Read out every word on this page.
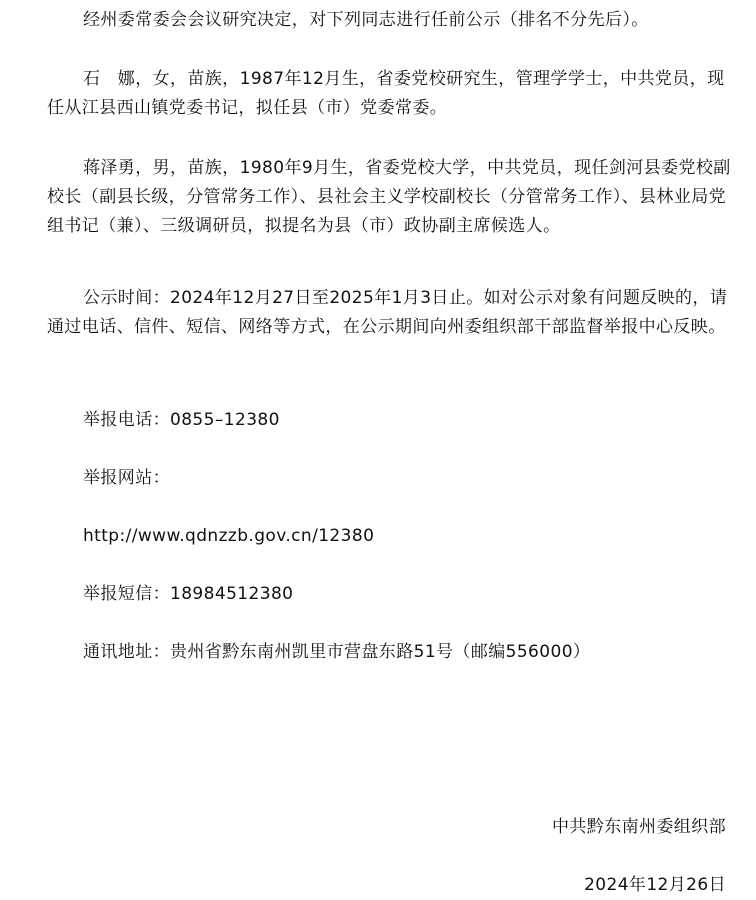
经州委常委会会议研究决定，对下列同志进行任前公示（排名不分先后）。

石　娜，女，苗族，1987年12月生，省委党校研究生，管理学学士，中共党员，现任从江县西山镇党委书记，拟任县（市）党委常委。

蒋泽勇，男，苗族，1980年9月生，省委党校大学，中共党员，现任剑河县委党校副校长（副县长级，分管常务工作）、县社会主义学校副校长（分管常务工作）、县林业局党组书记（兼）、三级调研员，拟提名为县（市）政协副主席候选人。

公示时间：2024年12月27日至2025年1月3日止。如对公示对象有问题反映的，请通过电话、信件、短信、网络等方式，在公示期间向州委组织部干部监督举报中心反映。

举报电话：0855–12380

举报网站：

http://www.qdnzzb.gov.cn/12380

举报短信：18984512380

通讯地址：贵州省黔东南州凯里市营盘东路51号（邮编556000）

中共黔东南州委组织部
2024年12月26日
